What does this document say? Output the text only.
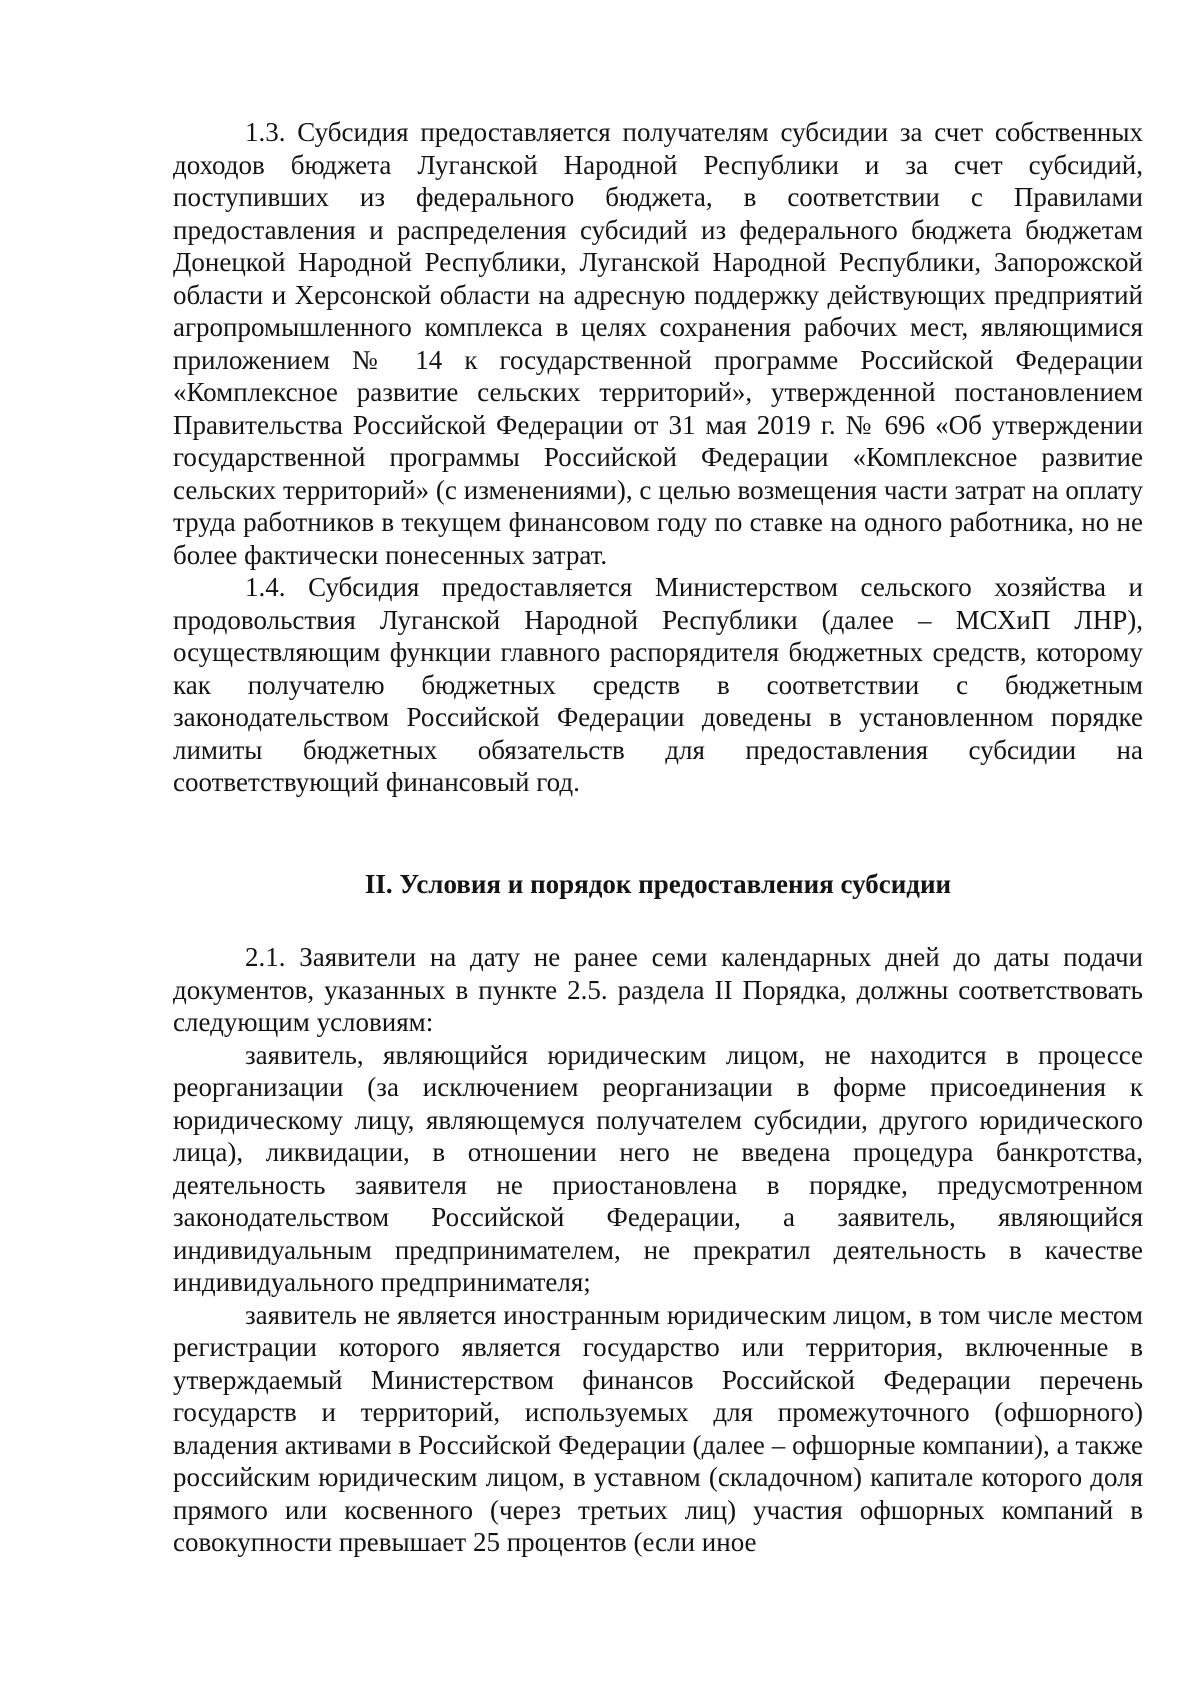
1.3. Субсидия предоставляется получателям субсидии за счет собственных доходов бюджета Луганской Народной Республики и за счет субсидий, поступивших из федерального бюджета, в соответствии с Правилами предоставления и распределения субсидий из федерального бюджета бюджетам Донецкой Народной Республики, Луганской Народной Республики, Запорожской области и Херсонской области на адресную поддержку действующих предприятий агропромышленного комплекса в целях сохранения рабочих мест, являющимися приложением № 14 к государственной программе Российской Федерации «Комплексное развитие сельских территорий», утвержденной постановлением Правительства Российской Федерации от 31 мая 2019 г. № 696 «Об утверждении государственной программы Российской Федерации «Комплексное развитие сельских территорий» (с изменениями), с целью возмещения части затрат на оплату труда работников в текущем финансовом году по ставке на одного работника, но не более фактически понесенных затрат.

1.4. Субсидия предоставляется Министерством сельского хозяйства и продовольствия Луганской Народной Республики (далее – МСХиП ЛНР), осуществляющим функции главного распорядителя бюджетных средств, которому как получателю бюджетных средств в соответствии с бюджетным законодательством Российской Федерации доведены в установленном порядке лимиты бюджетных обязательств для предоставления субсидии на соответствующий финансовый год.

II. Условия и порядок предоставления субсидии

2.1. Заявители на дату не ранее семи календарных дней до даты подачи документов, указанных в пункте 2.5. раздела II Порядка, должны соответствовать следующим условиям:

заявитель, являющийся юридическим лицом, не находится в процессе реорганизации (за исключением реорганизации в форме присоединения к юридическому лицу, являющемуся получателем субсидии, другого юридического лица), ликвидации, в отношении него не введена процедура банкротства, деятельность заявителя не приостановлена в порядке, предусмотренном законодательством Российской Федерации, а заявитель, являющийся индивидуальным предпринимателем, не прекратил деятельность в качестве индивидуального предпринимателя;

заявитель не является иностранным юридическим лицом, в том числе местом регистрации которого является государство или территория, включенные в утверждаемый Министерством финансов Российской Федерации перечень государств и территорий, используемых для промежуточного (офшорного) владения активами в Российской Федерации (далее – офшорные компании), а также российским юридическим лицом, в уставном (складочном) капитале которого доля прямого или косвенного (через третьих лиц) участия офшорных компаний в совокупности превышает 25 процентов (если иное
